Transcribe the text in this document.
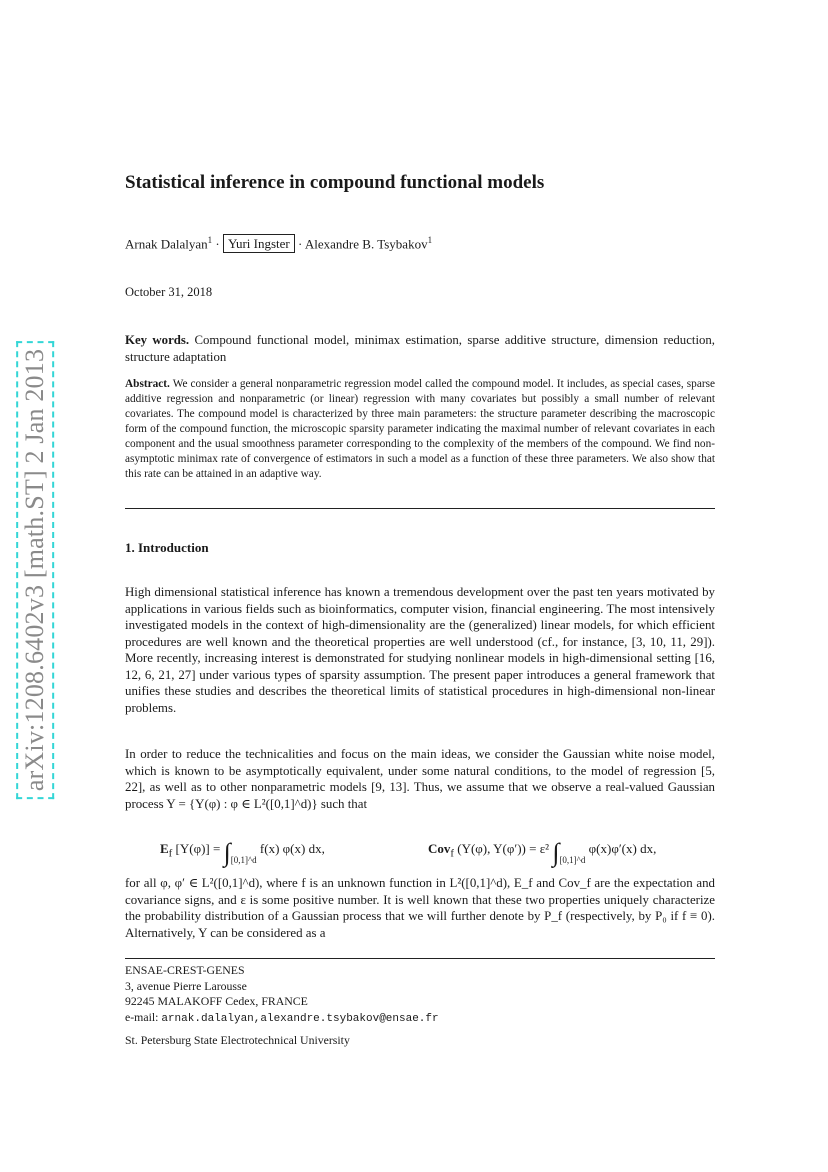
arXiv:1208.6402v3 [math.ST] 2 Jan 2013
Statistical inference in compound functional models
Arnak Dalalyan$^1$ · Yuri Ingster · Alexandre B. Tsybakov$^1$
October 31, 2018
Key words. Compound functional model, minimax estimation, sparse additive structure, dimension reduction, structure adaptation
Abstract. We consider a general nonparametric regression model called the compound model. It includes, as special cases, sparse additive regression and nonparametric (or linear) regression with many covariates but possibly a small number of relevant covariates. The compound model is characterized by three main parameters: the structure parameter describing the macroscopic form of the compound function, the microscopic sparsity parameter indicating the maximal number of relevant covariates in each component and the usual smoothness parameter corresponding to the complexity of the members of the compound. We find non-asymptotic minimax rate of convergence of estimators in such a model as a function of these three parameters. We also show that this rate can be attained in an adaptive way.
1. Introduction

High dimensional statistical inference has known a tremendous development over the past ten years motivated by applications in various fields such as bioinformatics, computer vision, financial engineering. The most intensively investigated models in the context of high-dimensionality are the (generalized) linear models, for which efficient procedures are well known and the theoretical properties are well understood (cf., for instance, [3, 10, 11, 29]). More recently, increasing interest is demonstrated for studying nonlinear models in high-dimensional setting [16, 12, 6, 21, 27] under various types of sparsity assumption. The present paper introduces a general framework that unifies these studies and describes the theoretical limits of statistical procedures in high-dimensional non-linear problems.

In order to reduce the technicalities and focus on the main ideas, we consider the Gaussian white noise model, which is known to be asymptotically equivalent, under some natural conditions, to the model of regression [5, 22], as well as to other nonparametric models [9, 13]. Thus, we assume that we observe a real-valued Gaussian process Y = {Y(φ) : φ ∈ L²([0,1]^d)} such that

$E_f$ $[Y(\varphi)] = \int_{[0,1]\^{}d}$ f(x) φ(x) dx,	Cov$_f$ (Y(φ), Y(φ′)) = ε² $\int_{[0,1]\^{}d}$ φ(x)φ′(x) dx,

for all φ, φ′ ∈ L²([0,1]^d), where f is an unknown function in L²([0,1]^d), E_f and Cov_f are the expectation and covariance signs, and ε is some positive number. It is well known that these two properties uniquely characterize the probability distribution of a Gaussian process that we will further denote by P_f (respectively, by P₀ if f ≡ 0). Alternatively, Y can be considered as a

ENSAE-CREST-GENES
3, avenue Pierre Larousse
92245 MALAKOFF Cedex, FRANCE
e-mail: arnak.dalalyan,alexandre.tsybakov@ensae.fr
St. Petersburg State Electrotechnical University
